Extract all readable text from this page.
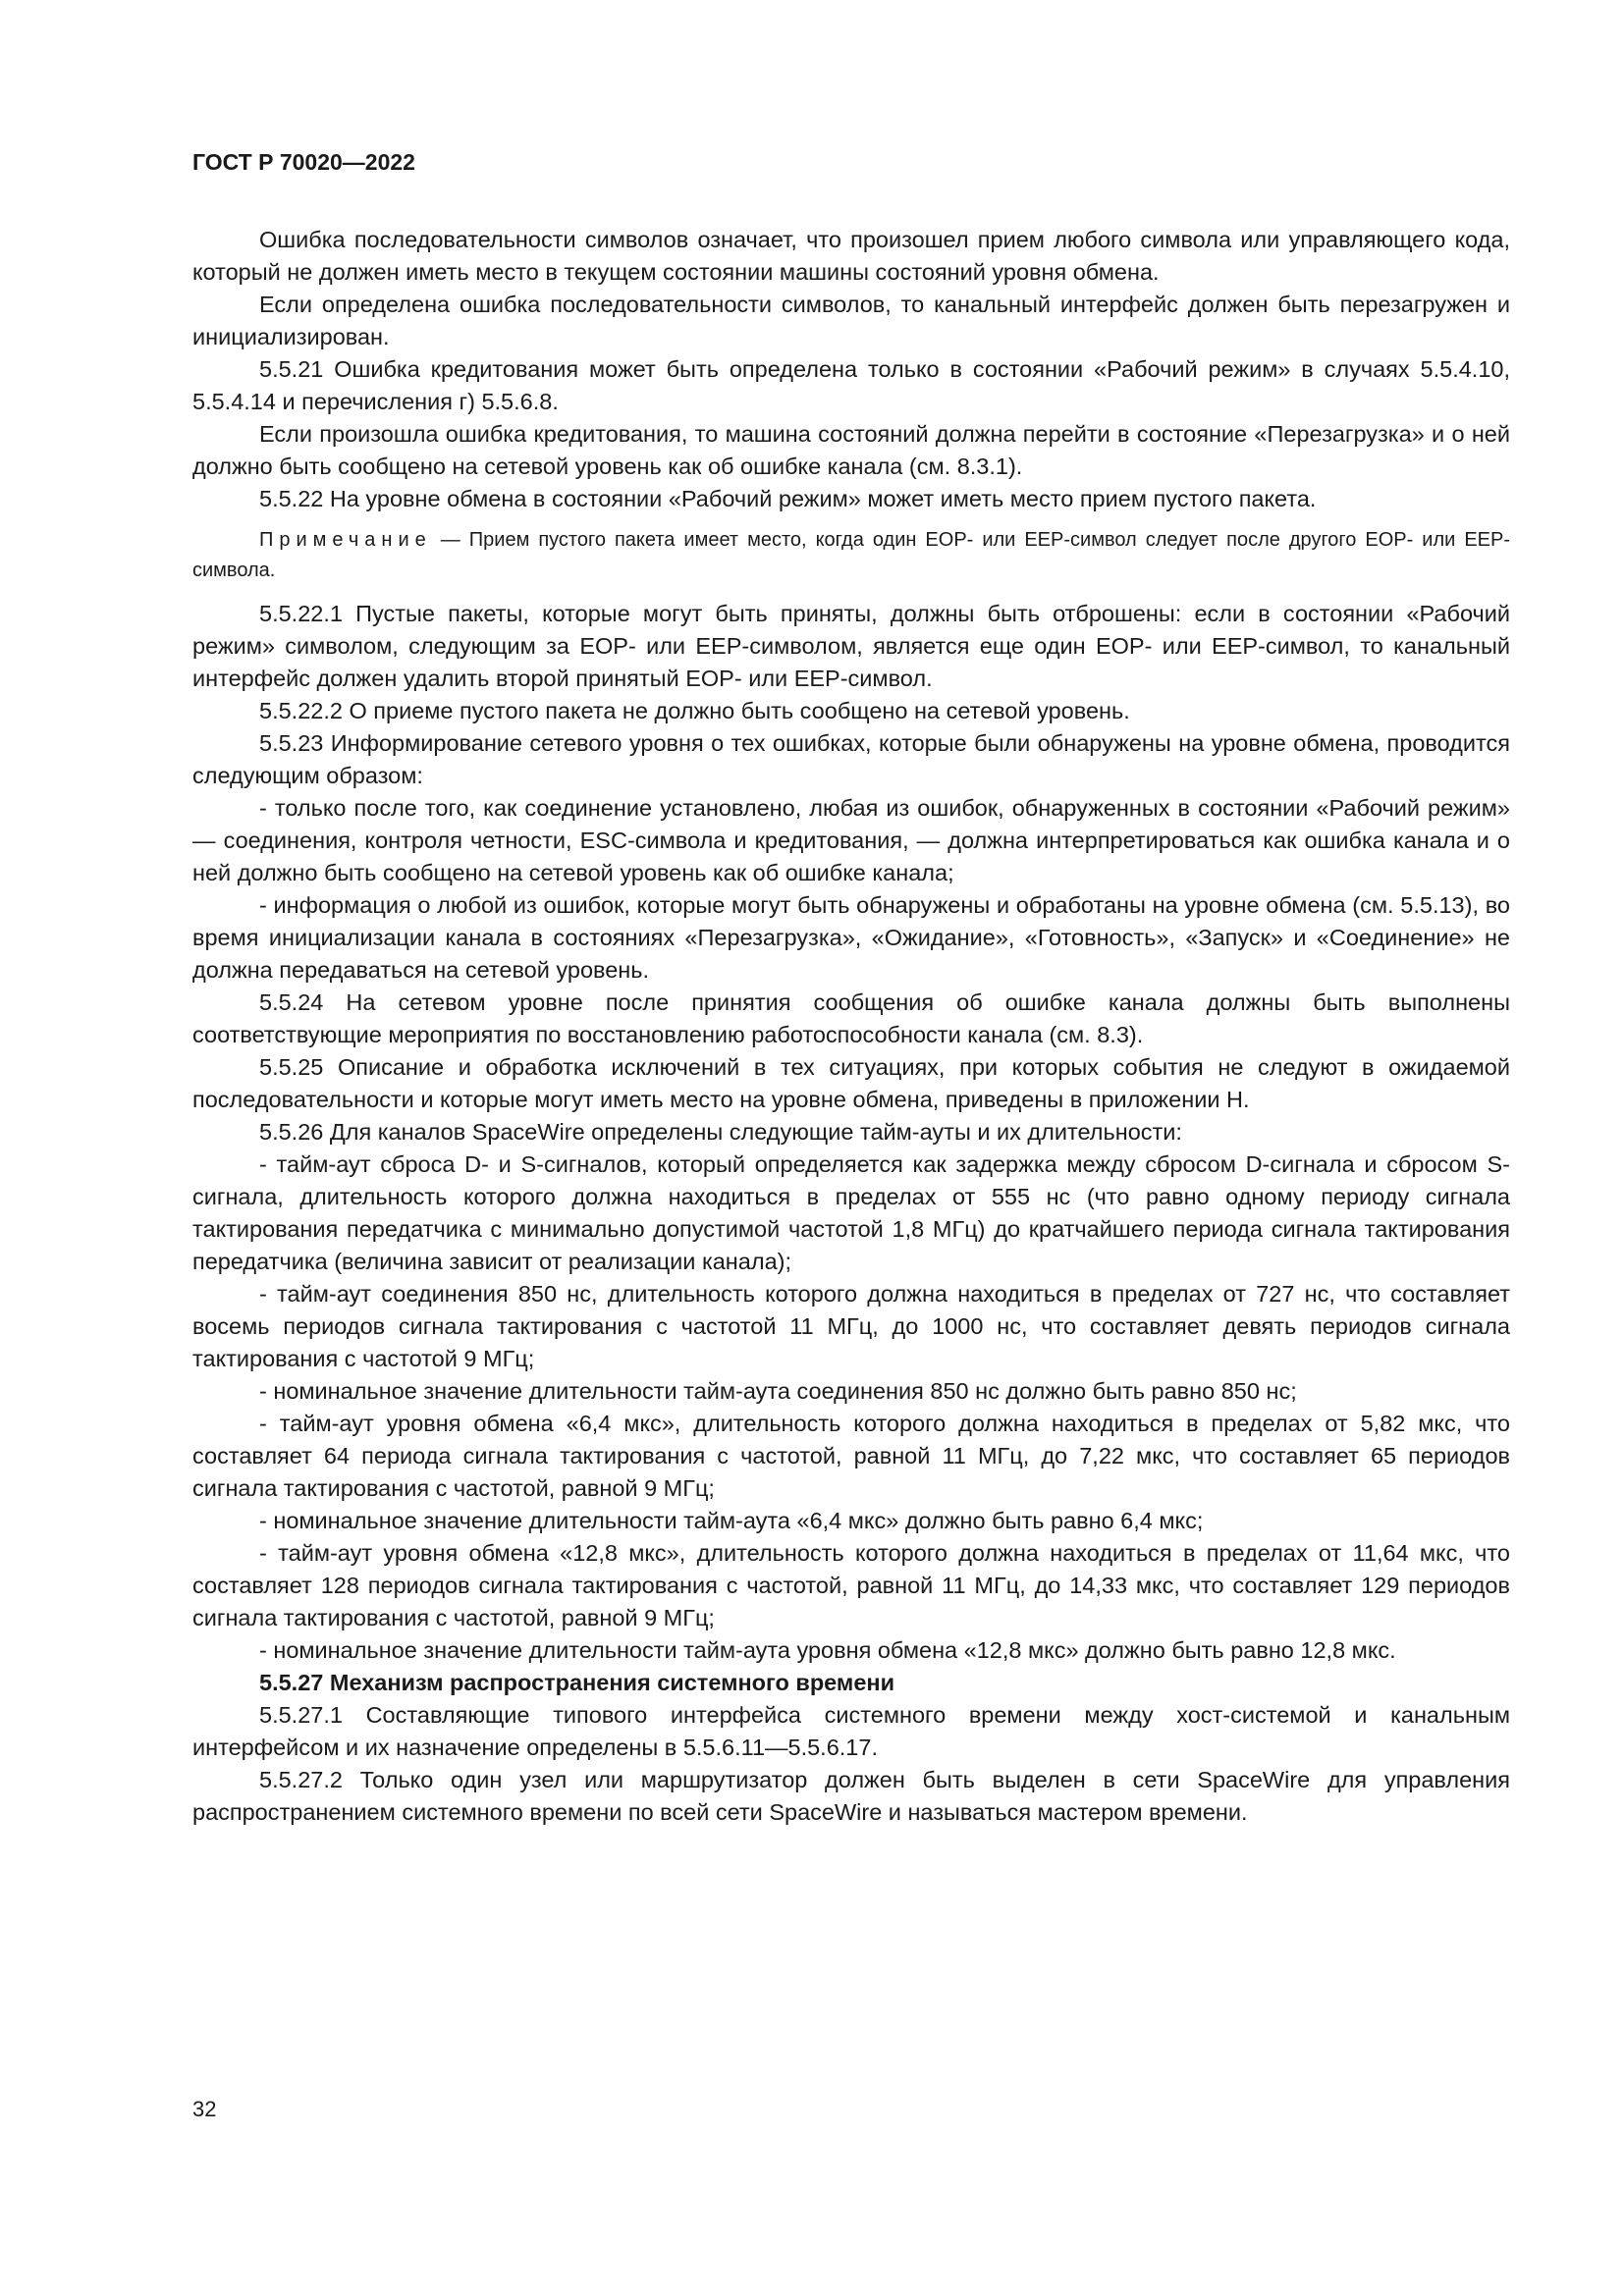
ГОСТ Р 70020—2022

Ошибка последовательности символов означает, что произошел прием любого символа или управляющего кода, который не должен иметь место в текущем состоянии машины состояний уровня обмена.

Если определена ошибка последовательности символов, то канальный интерфейс должен быть перезагружен и инициализирован.

5.5.21 Ошибка кредитования может быть определена только в состоянии «Рабочий режим» в случаях 5.5.4.10, 5.5.4.14 и перечисления г) 5.5.6.8.

Если произошла ошибка кредитования, то машина состояний должна перейти в состояние «Перезагрузка» и о ней должно быть сообщено на сетевой уровень как об ошибке канала (см. 8.3.1).

5.5.22 На уровне обмена в состоянии «Рабочий режим» может иметь место прием пустого пакета.

Примечание — Прием пустого пакета имеет место, когда один EOP- или EEP-символ следует после другого EOP- или EEP-символа.

5.5.22.1 Пустые пакеты, которые могут быть приняты, должны быть отброшены: если в состоянии «Рабочий режим» символом, следующим за EOP- или EEP-символом, является еще один EOP- или EEP-символ, то канальный интерфейс должен удалить второй принятый EOP- или EEP-символ.

5.5.22.2 О приеме пустого пакета не должно быть сообщено на сетевой уровень.

5.5.23 Информирование сетевого уровня о тех ошибках, которые были обнаружены на уровне обмена, проводится следующим образом:

- только после того, как соединение установлено, любая из ошибок, обнаруженных в состоянии «Рабочий режим» — соединения, контроля четности, ESC-символа и кредитования, — должна интерпретироваться как ошибка канала и о ней должно быть сообщено на сетевой уровень как об ошибке канала;

- информация о любой из ошибок, которые могут быть обнаружены и обработаны на уровне обмена (см. 5.5.13), во время инициализации канала в состояниях «Перезагрузка», «Ожидание», «Готовность», «Запуск» и «Соединение» не должна передаваться на сетевой уровень.

5.5.24 На сетевом уровне после принятия сообщения об ошибке канала должны быть выполнены соответствующие мероприятия по восстановлению работоспособности канала (см. 8.3).

5.5.25 Описание и обработка исключений в тех ситуациях, при которых события не следуют в ожидаемой последовательности и которые могут иметь место на уровне обмена, приведены в приложении Н.

5.5.26 Для каналов SpaceWire определены следующие тайм-ауты и их длительности:

- тайм-аут сброса D- и S-сигналов, который определяется как задержка между сбросом D-сигнала и сбросом S-сигнала, длительность которого должна находиться в пределах от 555 нс (что равно одному периоду сигнала тактирования передатчика с минимально допустимой частотой 1,8 МГц) до кратчайшего периода сигнала тактирования передатчика (величина зависит от реализации канала);

- тайм-аут соединения 850 нс, длительность которого должна находиться в пределах от 727 нс, что составляет восемь периодов сигнала тактирования с частотой 11 МГц, до 1000 нс, что составляет девять периодов сигнала тактирования с частотой 9 МГц;

- номинальное значение длительности тайм-аута соединения 850 нс должно быть равно 850 нс;

- тайм-аут уровня обмена «6,4 мкс», длительность которого должна находиться в пределах от 5,82 мкс, что составляет 64 периода сигнала тактирования с частотой, равной 11 МГц, до 7,22 мкс, что составляет 65 периодов сигнала тактирования с частотой, равной 9 МГц;

- номинальное значение длительности тайм-аута «6,4 мкс» должно быть равно 6,4 мкс;

- тайм-аут уровня обмена «12,8 мкс», длительность которого должна находиться в пределах от 11,64 мкс, что составляет 128 периодов сигнала тактирования с частотой, равной 11 МГц, до 14,33 мкс, что составляет 129 периодов сигнала тактирования с частотой, равной 9 МГц;

- номинальное значение длительности тайм-аута уровня обмена «12,8 мкс» должно быть равно 12,8 мкс.

5.5.27 Механизм распространения системного времени

5.5.27.1 Составляющие типового интерфейса системного времени между хост-системой и канальным интерфейсом и их назначение определены в 5.5.6.11—5.5.6.17.

5.5.27.2 Только один узел или маршрутизатор должен быть выделен в сети SpaceWire для управления распространением системного времени по всей сети SpaceWire и называться мастером времени.

32
